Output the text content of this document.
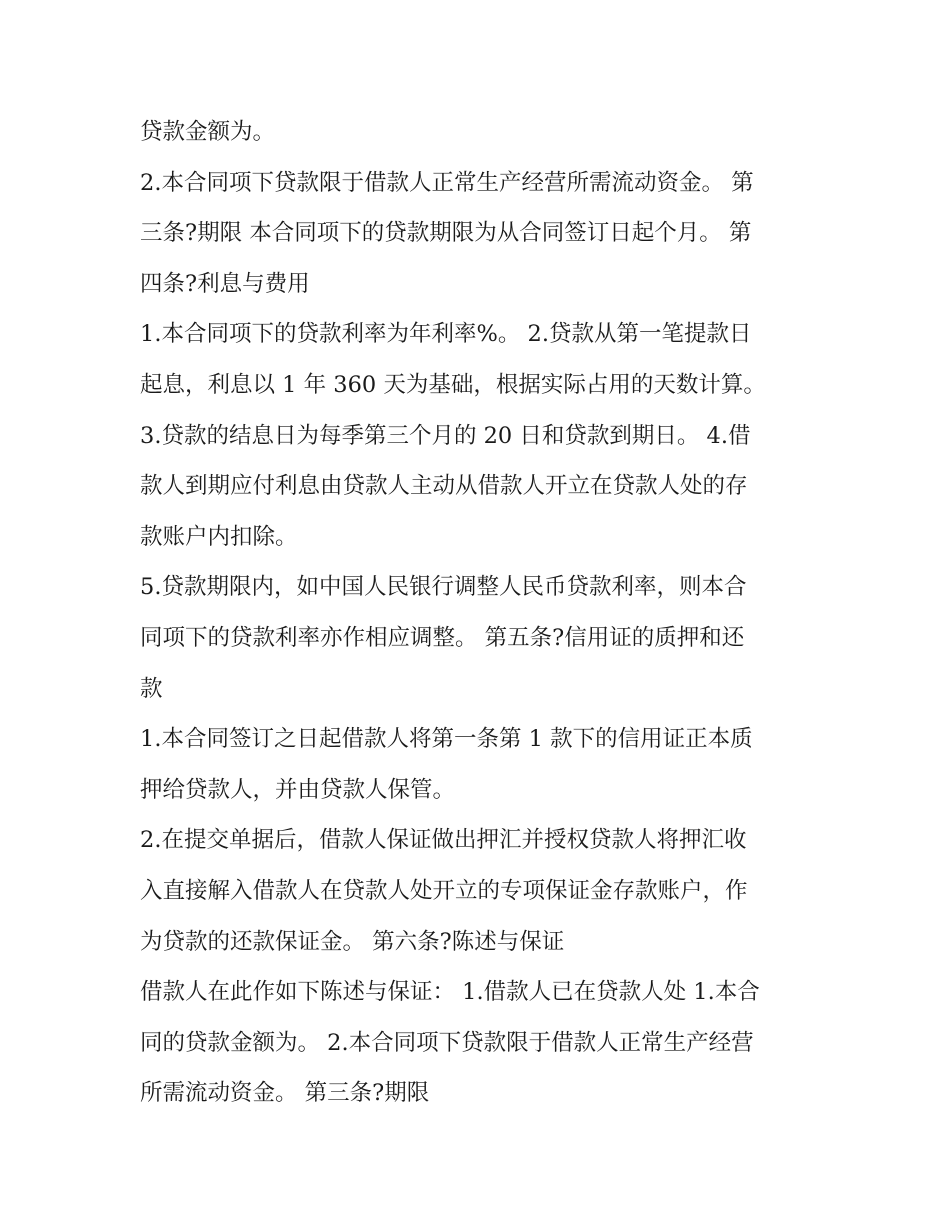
贷款金额为。
2.本合同项下贷款限于借款人正常生产经营所需流动资金。 第
三条?期限 本合同项下的贷款期限为从合同签订日起个月。 第
四条?利息与费用
1.本合同项下的贷款利率为年利率%。 2.贷款从第一笔提款日
起息，利息以 1 年 360 天为基础，根据实际占用的天数计算。
3.贷款的结息日为每季第三个月的 20 日和贷款到期日。 4.借
款人到期应付利息由贷款人主动从借款人开立在贷款人处的存
款账户内扣除。
5.贷款期限内，如中国人民银行调整人民币贷款利率，则本合
同项下的贷款利率亦作相应调整。 第五条?信用证的质押和还
款
1.本合同签订之日起借款人将第一条第 1 款下的信用证正本质
押给贷款人，并由贷款人保管。
2.在提交单据后，借款人保证做出押汇并授权贷款人将押汇收
入直接解入借款人在贷款人处开立的专项保证金存款账户，作
为贷款的还款保证金。 第六条?陈述与保证
借款人在此作如下陈述与保证： 1.借款人已在贷款人处 1.本合
同的贷款金额为。 2.本合同项下贷款限于借款人正常生产经营
所需流动资金。 第三条?期限
